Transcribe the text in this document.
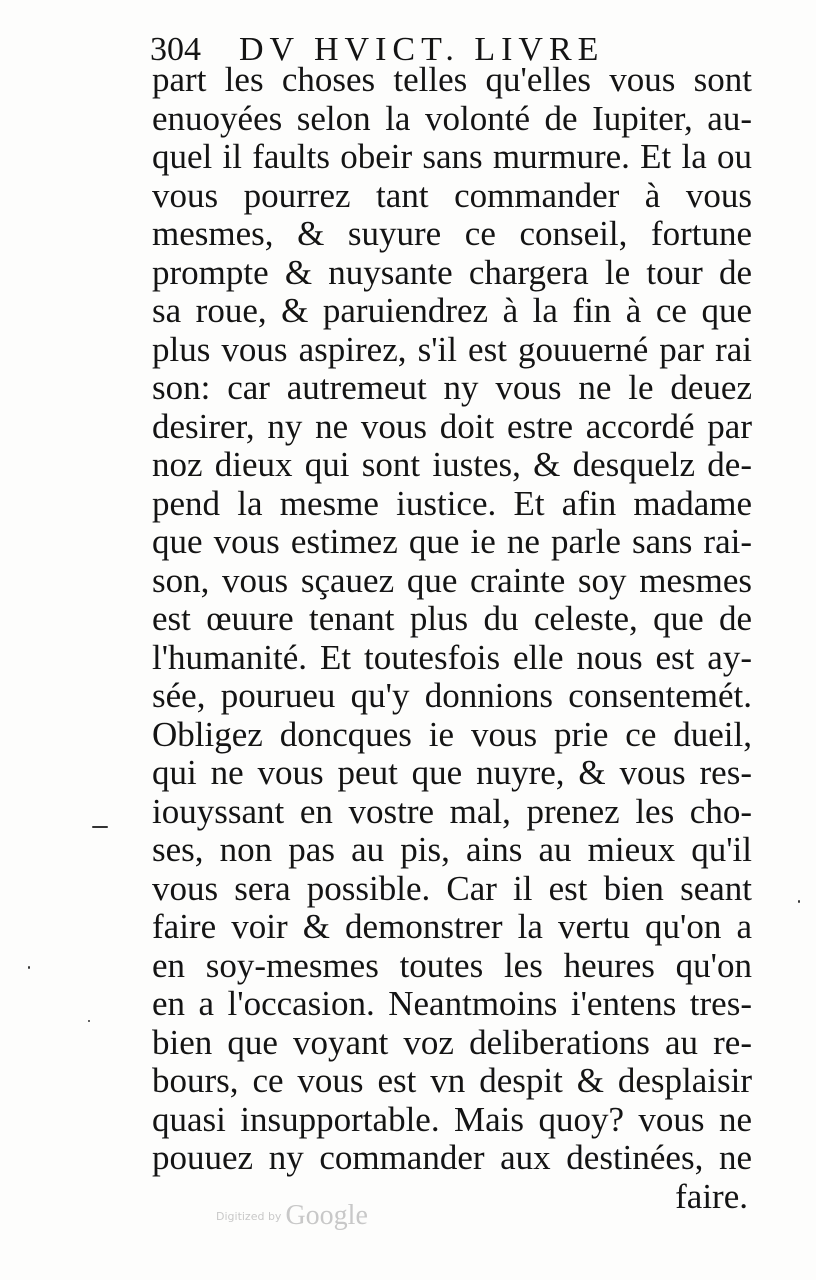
304 DV HVICT. LIVRE
part les choses telles qu'elles vous sont
enuoyées selon la volonté de Iupiter, au-
quel il faults obeir sans murmure. Et la ou
vous pourrez tant commander à vous
mesmes, & suyure ce conseil, fortune
prompte & nuysante chargera le tour de
sa roue, & paruiendrez à la fin à ce que
plus vous aspirez, s'il est gouuerné par rai
son: car autremeut ny vous ne le deuez
desirer, ny ne vous doit estre accordé par
noz dieux qui sont iustes, & desquelz de-
pend la mesme iustice. Et afin madame
que vous estimez que ie ne parle sans rai-
son, vous sçauez que crainte soy mesmes
est œuure tenant plus du celeste, que de
l'humanité. Et toutesfois elle nous est ay-
sée, pourueu qu'y donnions consentemét.
Obligez doncques ie vous prie ce dueil,
qui ne vous peut que nuyre, & vous res-
iouyssant en vostre mal, prenez les cho-
ses, non pas au pis, ains au mieux qu'il
vous sera possible. Car il est bien seant
faire voir & demonstrer la vertu qu'on a
en soy-mesmes toutes les heures qu'on
en a l'occasion. Neantmoins i'entens tres-
bien que voyant voz deliberations au re-
bours, ce vous est vn despit & desplaisir
quasi insupportable. Mais quoy? vous ne
pouuez ny commander aux destinées, ne
faire.
Digitized by Google
